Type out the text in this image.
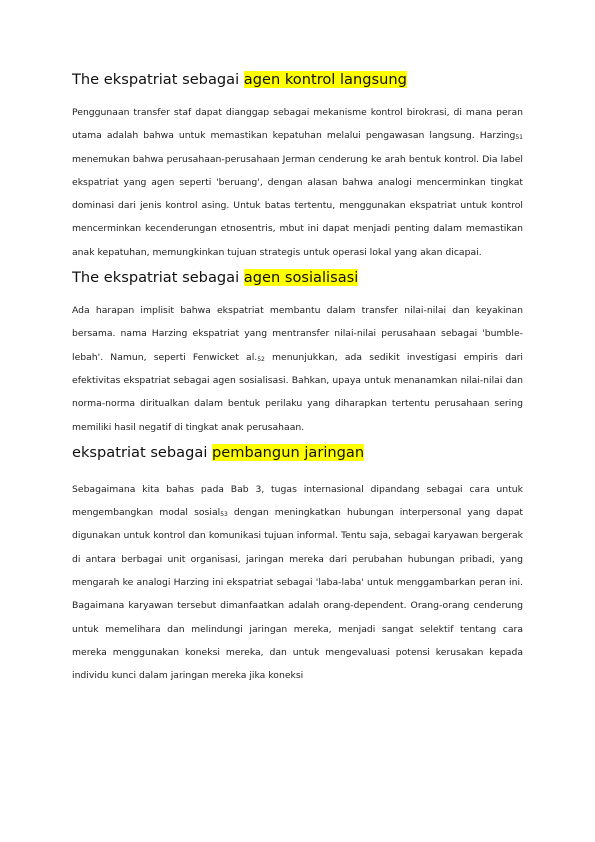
The ekspatriat sebagai agen kontrol langsung

Penggunaan transfer staf dapat dianggap sebagai mekanisme kontrol birokrasi, di mana peran utama adalah bahwa untuk memastikan kepatuhan melalui pengawasan langsung. Harzing$_{51}$ menemukan bahwa perusahaan-perusahaan Jerman cenderung ke arah bentuk kontrol. Dia label ekspatriat yang agen seperti 'beruang', dengan alasan bahwa analogi mencerminkan tingkat dominasi dari jenis kontrol asing. Untuk batas tertentu, menggunakan ekspatriat untuk kontrol mencerminkan kecenderungan etnosentris, mbut ini dapat menjadi penting dalam memastikan anak kepatuhan, memungkinkan tujuan strategis untuk operasi lokal yang akan dicapai.

The ekspatriat sebagai agen sosialisasi

Ada harapan implisit bahwa ekspatriat membantu dalam transfer nilai-nilai dan keyakinan bersama. nama Harzing ekspatriat yang mentransfer nilai-nilai perusahaan sebagai 'bumble-lebah'. Namun, seperti Fenwicket $al._{52}$ menunjukkan, ada sedikit investigasi empiris dari efektivitas ekspatriat sebagai agen sosialisasi. Bahkan, upaya untuk menanamkan nilai-nilai dan norma-norma diritualkan dalam bentuk perilaku yang diharapkan tertentu perusahaan sering memiliki hasil negatif di tingkat anak perusahaan.

ekspatriat sebagai pembangun jaringan

Sebagaimana kita bahas pada Bab 3, tugas internasional dipandang sebagai cara untuk mengembangkan modal sosial$_{53}$ dengan meningkatkan hubungan interpersonal yang dapat digunakan untuk kontrol dan komunikasi tujuan informal. Tentu saja, sebagai karyawan bergerak di antara berbagai unit organisasi, jaringan mereka dari perubahan hubungan pribadi, yang mengarah ke analogi Harzing ini ekspatriat sebagai 'laba-laba' untuk menggambarkan peran ini. Bagaimana karyawan tersebut dimanfaatkan adalah orang-dependent. Orang-orang cenderung untuk memelihara dan melindungi jaringan mereka, menjadi sangat selektif tentang cara mereka menggunakan koneksi mereka, dan untuk mengevaluasi potensi kerusakan kepada individu kunci dalam jaringan mereka jika koneksi
